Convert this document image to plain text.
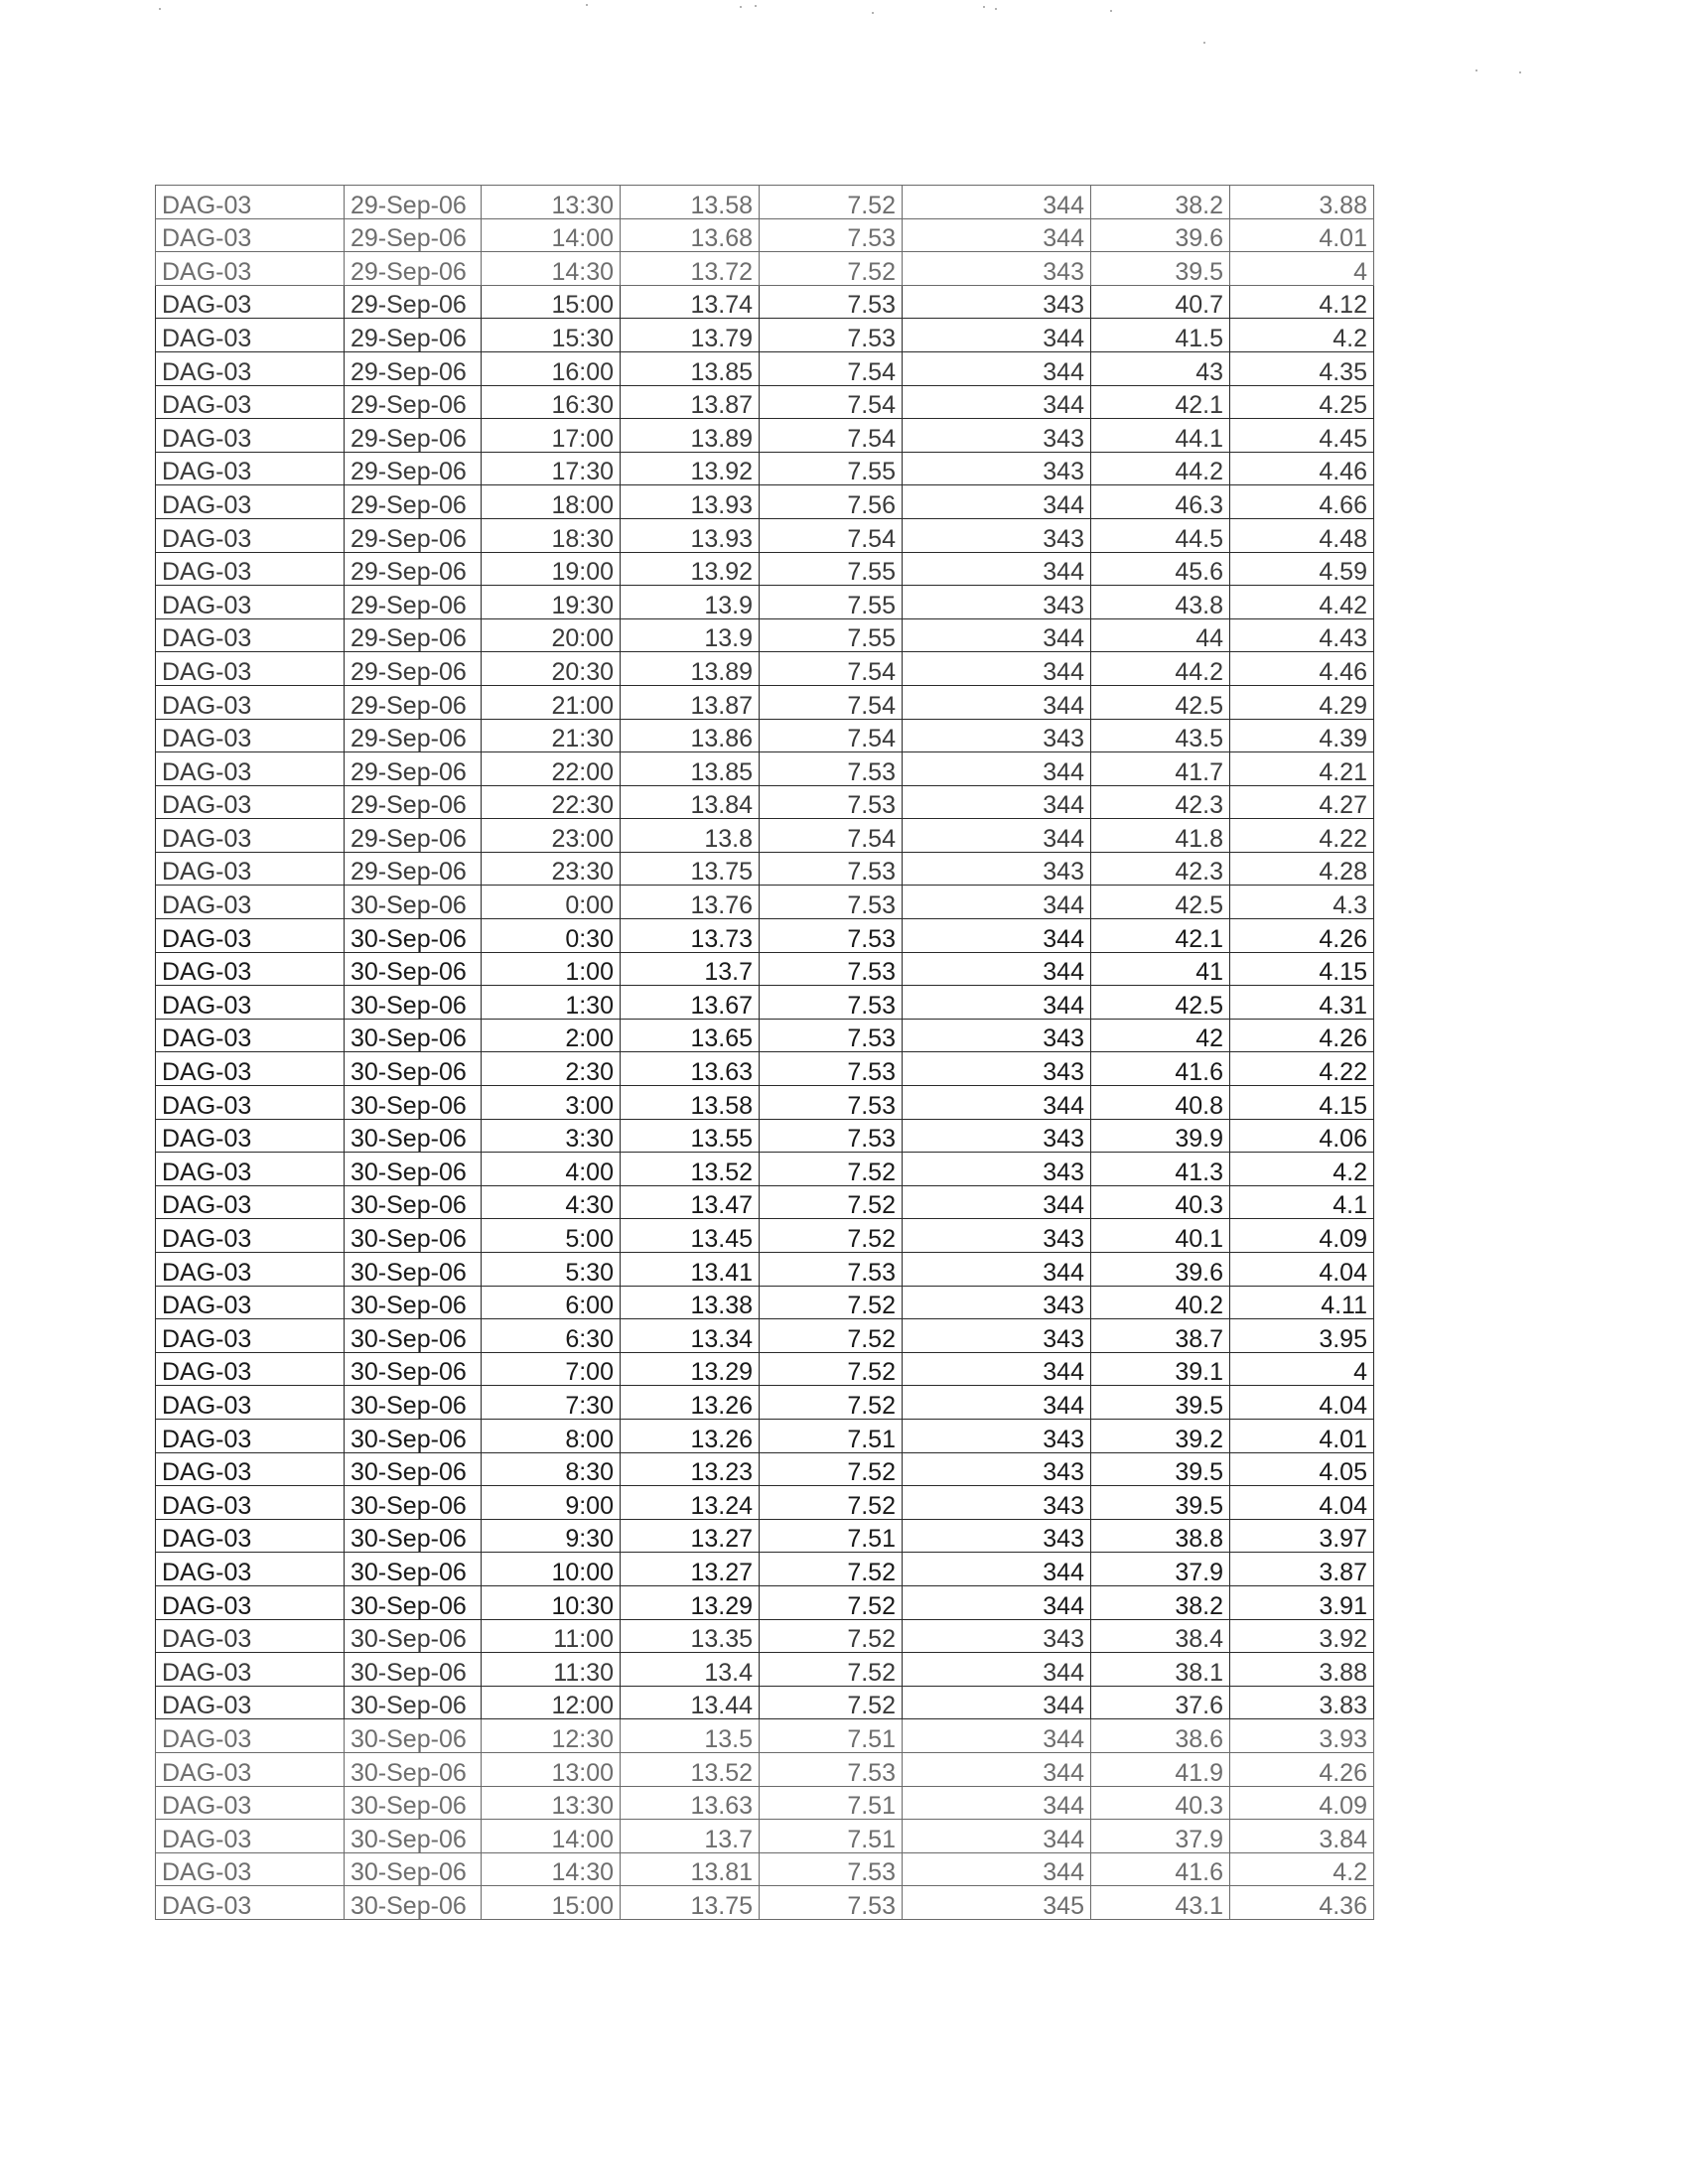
DAG-03	29-Sep-06	13:30	13.58	7.52	344	38.2	3.88
DAG-03	29-Sep-06	14:00	13.68	7.53	344	39.6	4.01
DAG-03	29-Sep-06	14:30	13.72	7.52	343	39.5	4
DAG-03	29-Sep-06	15:00	13.74	7.53	343	40.7	4.12
DAG-03	29-Sep-06	15:30	13.79	7.53	344	41.5	4.2
DAG-03	29-Sep-06	16:00	13.85	7.54	344	43	4.35
DAG-03	29-Sep-06	16:30	13.87	7.54	344	42.1	4.25
DAG-03	29-Sep-06	17:00	13.89	7.54	343	44.1	4.45
DAG-03	29-Sep-06	17:30	13.92	7.55	343	44.2	4.46
DAG-03	29-Sep-06	18:00	13.93	7.56	344	46.3	4.66
DAG-03	29-Sep-06	18:30	13.93	7.54	343	44.5	4.48
DAG-03	29-Sep-06	19:00	13.92	7.55	344	45.6	4.59
DAG-03	29-Sep-06	19:30	13.9	7.55	343	43.8	4.42
DAG-03	29-Sep-06	20:00	13.9	7.55	344	44	4.43
DAG-03	29-Sep-06	20:30	13.89	7.54	344	44.2	4.46
DAG-03	29-Sep-06	21:00	13.87	7.54	344	42.5	4.29
DAG-03	29-Sep-06	21:30	13.86	7.54	343	43.5	4.39
DAG-03	29-Sep-06	22:00	13.85	7.53	344	41.7	4.21
DAG-03	29-Sep-06	22:30	13.84	7.53	344	42.3	4.27
DAG-03	29-Sep-06	23:00	13.8	7.54	344	41.8	4.22
DAG-03	29-Sep-06	23:30	13.75	7.53	343	42.3	4.28
DAG-03	30-Sep-06	0:00	13.76	7.53	344	42.5	4.3
DAG-03	30-Sep-06	0:30	13.73	7.53	344	42.1	4.26
DAG-03	30-Sep-06	1:00	13.7	7.53	344	41	4.15
DAG-03	30-Sep-06	1:30	13.67	7.53	344	42.5	4.31
DAG-03	30-Sep-06	2:00	13.65	7.53	343	42	4.26
DAG-03	30-Sep-06	2:30	13.63	7.53	343	41.6	4.22
DAG-03	30-Sep-06	3:00	13.58	7.53	344	40.8	4.15
DAG-03	30-Sep-06	3:30	13.55	7.53	343	39.9	4.06
DAG-03	30-Sep-06	4:00	13.52	7.52	343	41.3	4.2
DAG-03	30-Sep-06	4:30	13.47	7.52	344	40.3	4.1
DAG-03	30-Sep-06	5:00	13.45	7.52	343	40.1	4.09
DAG-03	30-Sep-06	5:30	13.41	7.53	344	39.6	4.04
DAG-03	30-Sep-06	6:00	13.38	7.52	343	40.2	4.11
DAG-03	30-Sep-06	6:30	13.34	7.52	343	38.7	3.95
DAG-03	30-Sep-06	7:00	13.29	7.52	344	39.1	4
DAG-03	30-Sep-06	7:30	13.26	7.52	344	39.5	4.04
DAG-03	30-Sep-06	8:00	13.26	7.51	343	39.2	4.01
DAG-03	30-Sep-06	8:30	13.23	7.52	343	39.5	4.05
DAG-03	30-Sep-06	9:00	13.24	7.52	343	39.5	4.04
DAG-03	30-Sep-06	9:30	13.27	7.51	343	38.8	3.97
DAG-03	30-Sep-06	10:00	13.27	7.52	344	37.9	3.87
DAG-03	30-Sep-06	10:30	13.29	7.52	344	38.2	3.91
DAG-03	30-Sep-06	11:00	13.35	7.52	343	38.4	3.92
DAG-03	30-Sep-06	11:30	13.4	7.52	344	38.1	3.88
DAG-03	30-Sep-06	12:00	13.44	7.52	344	37.6	3.83
DAG-03	30-Sep-06	12:30	13.5	7.51	344	38.6	3.93
DAG-03	30-Sep-06	13:00	13.52	7.53	344	41.9	4.26
DAG-03	30-Sep-06	13:30	13.63	7.51	344	40.3	4.09
DAG-03	30-Sep-06	14:00	13.7	7.51	344	37.9	3.84
DAG-03	30-Sep-06	14:30	13.81	7.53	344	41.6	4.2
DAG-03	30-Sep-06	15:00	13.75	7.53	345	43.1	4.36
